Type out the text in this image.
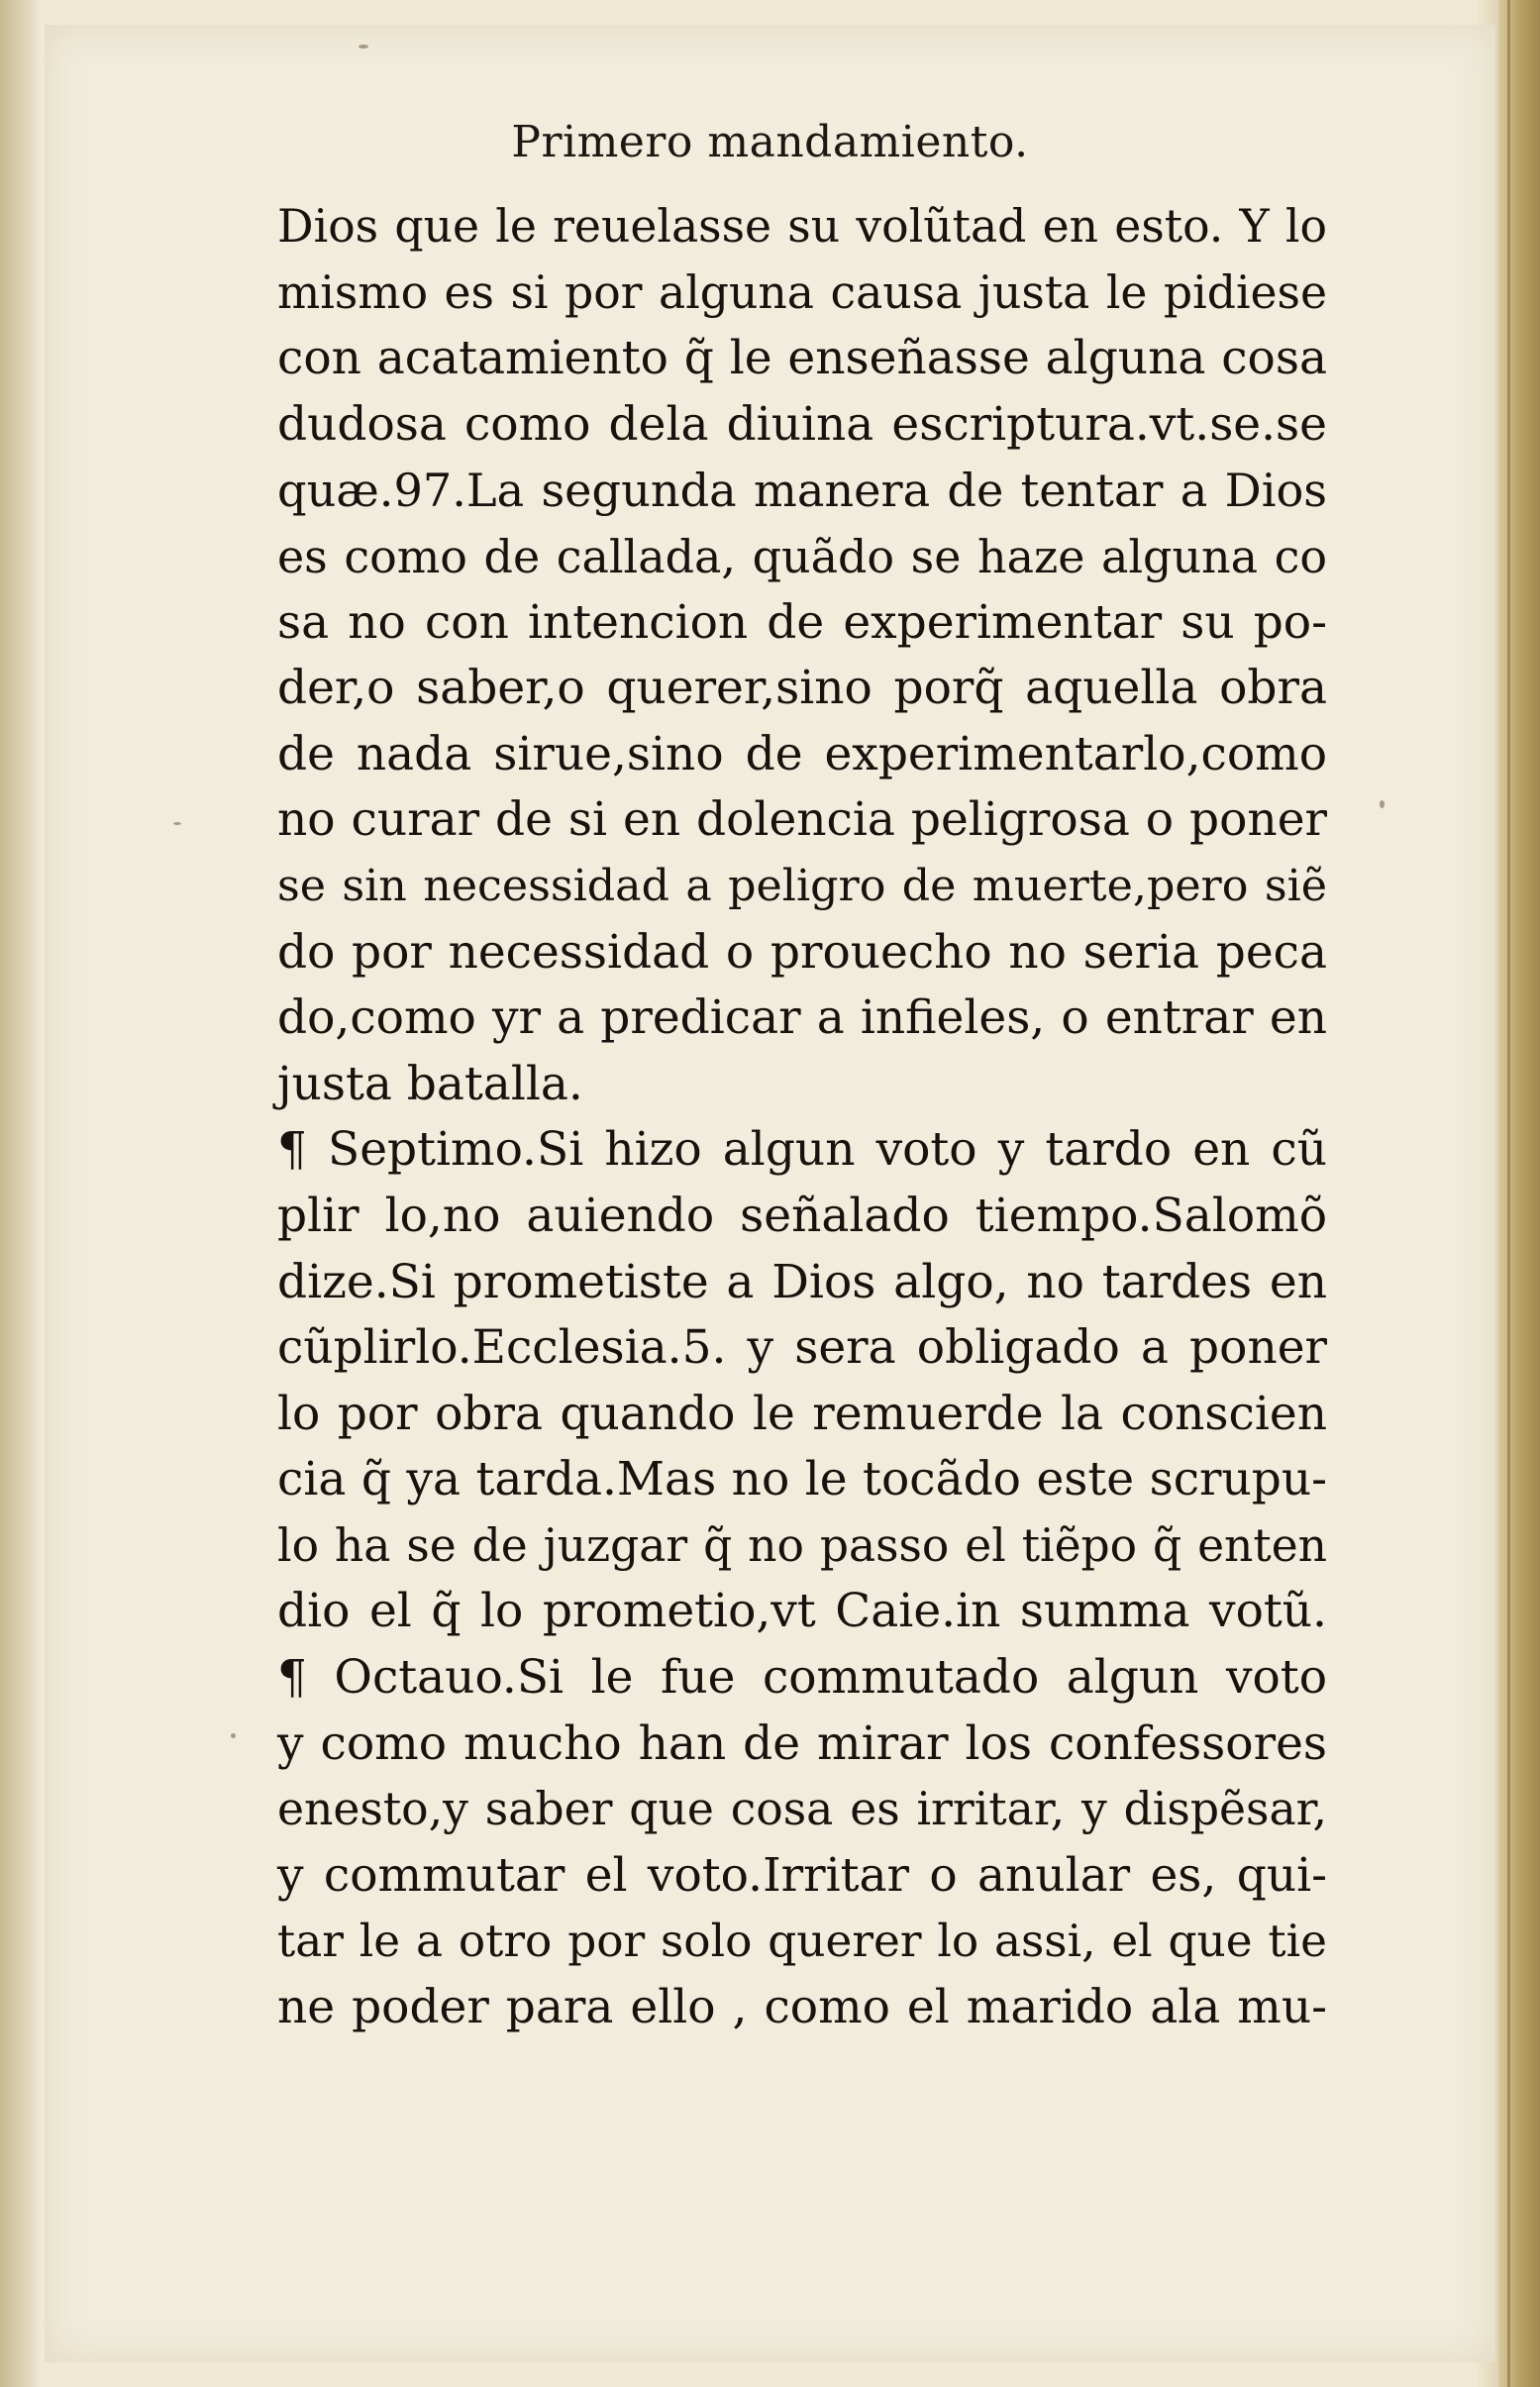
Primero mandamiento.
Dios que le reuelasse su volũtad en esto. Y lo
mismo es si por alguna causa justa le pidiese
con acatamiento q̃ le enseñasse alguna cosa
dudosa como dela diuina escriptura.vt.se.se
quæ.97.La segunda manera de tentar a Dios
es como de callada, quãdo se haze alguna co
sa no con intencion de experimentar su po-
der,o saber,o querer,sino porq̃ aquella obra
de nada sirue,sino de experimentarlo,como
no curar de si en dolencia peligrosa o poner
se sin necessidad a peligro de muerte,pero siẽ
do por necessidad o prouecho no seria peca
do,como yr a predicar a infieles, o entrar en
justa batalla.
¶ Septimo.Si hizo algun voto y tardo en cũ
plir lo,no auiendo señalado tiempo.Salomõ
dize.Si prometiste a Dios algo, no tardes en
cũplirlo.Ecclesia.5. y sera obligado a poner
lo por obra quando le remuerde la conscien
cia q̃ ya tarda.Mas no le tocãdo este scrupu-
lo ha se de juzgar q̃ no passo el tiẽpo q̃ enten
dio el q̃ lo prometio,vt Caie.in summa votũ.
¶ Octauo.Si le fue commutado algun voto
y como mucho han de mirar los confessores
enesto,y saber que cosa es irritar, y dispẽsar,
y commutar el voto.Irritar o anular es, qui-
tar le a otro por solo querer lo assi, el que tie
ne poder para ello , como el marido ala mu-
